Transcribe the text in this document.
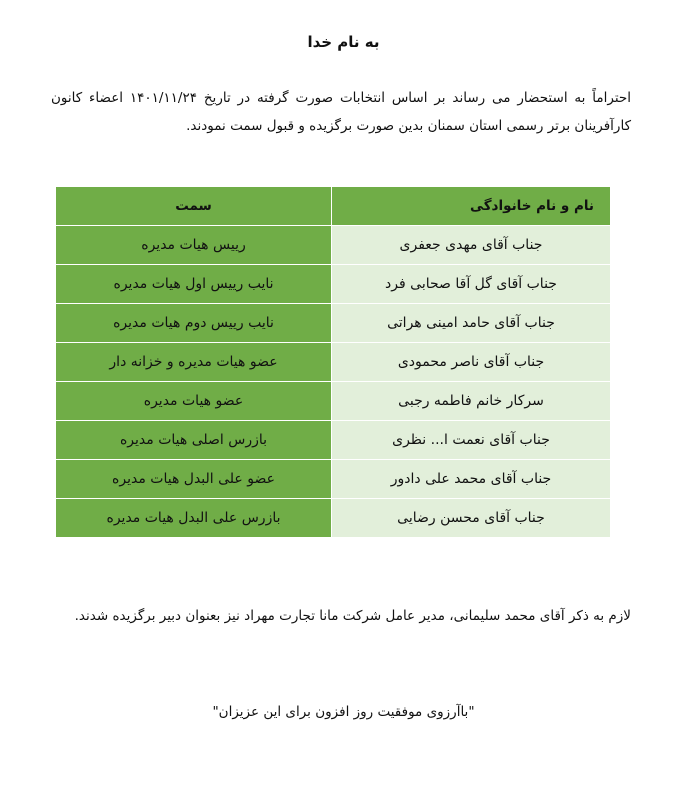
به نام خدا

احتراماً به استحضار می رساند بر اساس انتخابات صورت گرفته در تاریخ ۱۴۰۱/۱۱/۲۴ اعضاء کانون کارآفرینان برتر رسمی استان سمنان بدین صورت برگزیده و قبول سمت نمودند.

نام و نام خانوادگی	سمت
جناب آقای مهدی جعفری	رییس هیات مدیره
جناب آقای گل آقا صحابی فرد	نایب رییس اول هیات مدیره
جناب آقای حامد امینی هراتی	نایب رییس دوم هیات مدیره
جناب آقای ناصر محمودی	عضو هیات مدیره و خزانه دار
سرکار خانم فاطمه رجبی	عضو هیات مدیره
جناب آقای نعمت ا... نظری	بازرس اصلی هیات مدیره
جناب آقای محمد علی دادور	عضو علی البدل هیات مدیره
جناب آقای محسن رضایی	بازرس علی البدل هیات مدیره

لازم به ذکر آقای محمد سلیمانی، مدیر عامل شرکت مانا تجارت مهراد نیز بعنوان دبیر برگزیده شدند.

"باآرزوی موفقیت روز افزون برای این عزیزان"
